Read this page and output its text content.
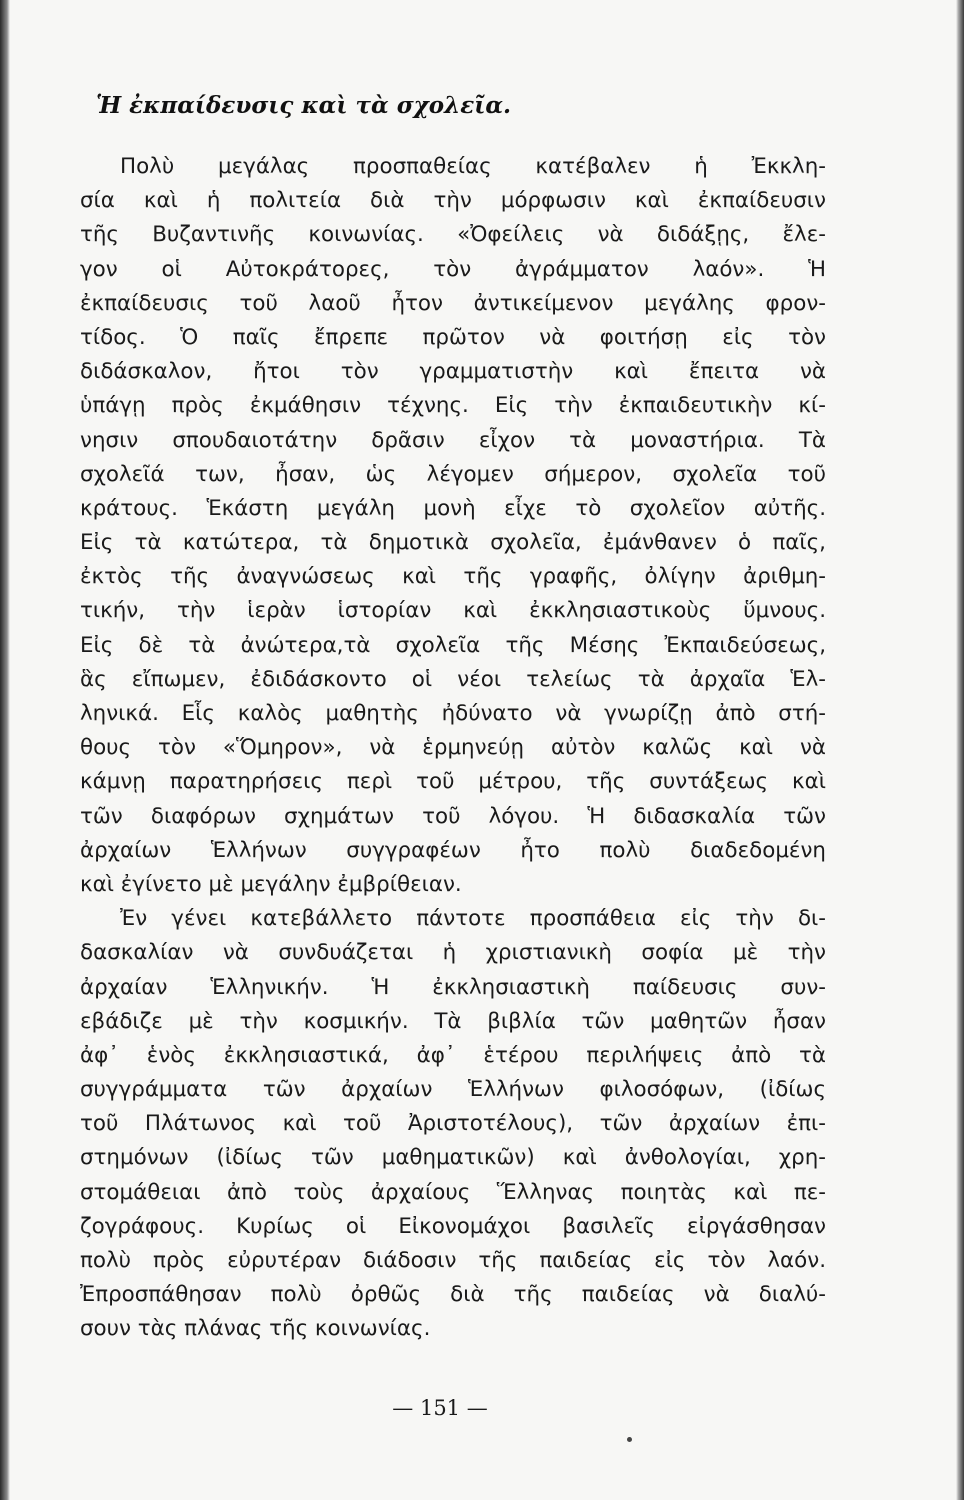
Ἡ ἐκπαίδευσις καὶ τὰ σχολεῖα.
Πολὺ μεγάλας προσπαθείας κατέβαλεν ἡ Ἐκκλη-
σία καὶ ἡ πολιτεία διὰ τὴν μόρφωσιν καὶ ἐκπαίδευσιν
τῆς Βυζαντινῆς κοινωνίας. «Ὀφείλεις νὰ διδάξῃς, ἔλε-
γον οἱ Αὐτοκράτορες, τὸν ἀγράμματον λαόν». Ἡ
ἐκπαίδευσις τοῦ λαοῦ ἦτον ἀντικείμενον μεγάλης φρον-
τίδος. Ὁ παῖς ἔπρεπε πρῶτον νὰ φοιτήσῃ εἰς τὸν
διδάσκαλον, ἤτοι τὸν γραμματιστὴν καὶ ἔπειτα νὰ
ὑπάγῃ πρὸς ἐκμάθησιν τέχνης. Εἰς τὴν ἐκπαιδευτικὴν κί-
νησιν σπουδαιοτάτην δρᾶσιν εἶχον τὰ μοναστήρια. Τὰ
σχολεῖά των, ἦσαν, ὡς λέγομεν σήμερον, σχολεῖα τοῦ
κράτους. Ἑκάστη μεγάλη μονὴ εἶχε τὸ σχολεῖον αὐτῆς.
Εἰς τὰ κατώτερα, τὰ δημοτικὰ σχολεῖα, ἐμάνθανεν ὁ παῖς,
ἐκτὸς τῆς ἀναγνώσεως καὶ τῆς γραφῆς, ὀλίγην ἀριθμη-
τικήν, τὴν ἱερὰν ἱστορίαν καὶ ἐκκλησιαστικοὺς ὕμνους.
Εἰς δὲ τὰ ἀνώτερα,τὰ σχολεῖα τῆς Μέσης Ἐκπαιδεύσεως,
ἃς εἴπωμεν, ἐδιδάσκοντο οἱ νέοι τελείως τὰ ἀρχαῖα Ἑλ-
ληνικά. Εἷς καλὸς μαθητὴς ἠδύνατο νὰ γνωρίζῃ ἀπὸ στή-
θους τὸν «Ὅμηρον», νὰ ἑρμηνεύῃ αὐτὸν καλῶς καὶ νὰ
κάμνῃ παρατηρήσεις περὶ τοῦ μέτρου, τῆς συντάξεως καὶ
τῶν διαφόρων σχημάτων τοῦ λόγου. Ἡ διδασκαλία τῶν
ἀρχαίων Ἑλλήνων συγγραφέων ἦτο πολὺ διαδεδομένη
καὶ ἐγίνετο μὲ μεγάλην ἐμβρίθειαν.
Ἐν γένει κατεβάλλετο πάντοτε προσπάθεια εἰς τὴν δι-
δασκαλίαν νὰ συνδυάζεται ἡ χριστιανικὴ σοφία μὲ τὴν
ἀρχαίαν Ἑλληνικήν. Ἡ ἐκκλησιαστικὴ παίδευσις συν-
εβάδιζε μὲ τὴν κοσμικήν. Τὰ βιβλία τῶν μαθητῶν ἦσαν
ἀφ᾽ ἑνὸς ἐκκλησιαστικά, ἀφ᾽ ἑτέρου περιλήψεις ἀπὸ τὰ
συγγράμματα τῶν ἀρχαίων Ἑλλήνων φιλοσόφων, (ἰδίως
τοῦ Πλάτωνος καὶ τοῦ Ἀριστοτέλους), τῶν ἀρχαίων ἐπι-
στημόνων (ἰδίως τῶν μαθηματικῶν) καὶ ἀνθολογίαι, χρη-
στομάθειαι ἀπὸ τοὺς ἀρχαίους Ἕλληνας ποιητὰς καὶ πε-
ζογράφους. Κυρίως οἱ Εἰκονομάχοι βασιλεῖς εἰργάσθησαν
πολὺ πρὸς εὐρυτέραν διάδοσιν τῆς παιδείας εἰς τὸν λαόν.
Ἐπροσπάθησαν πολὺ ὀρθῶς διὰ τῆς παιδείας νὰ διαλύ-
σουν τὰς πλάνας τῆς κοινωνίας.
— 151 —
